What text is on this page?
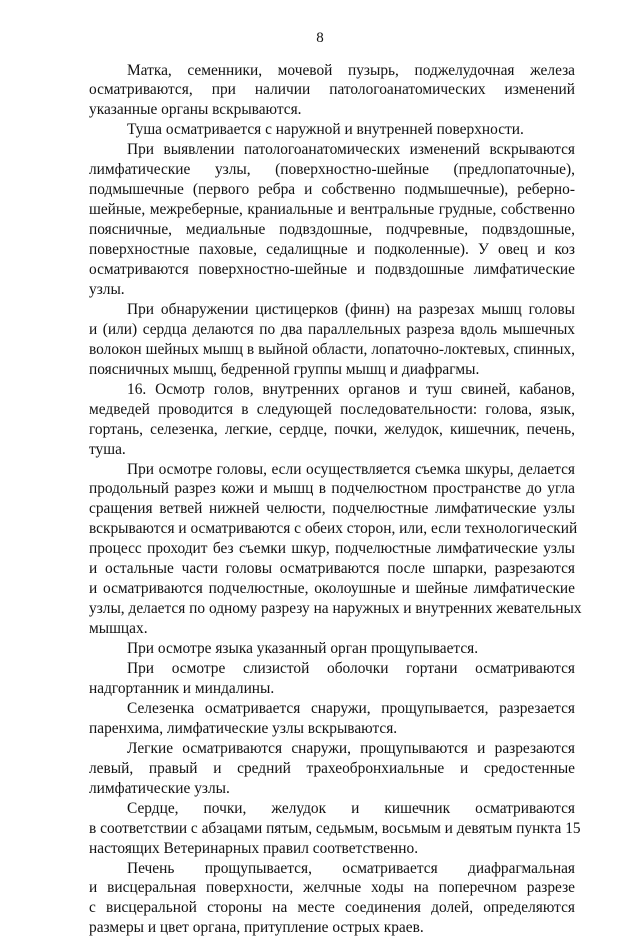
8
Матка, семенники, мочевой пузырь, поджелудочная железа
осматриваются, при наличии патологоанатомических изменений
указанные органы вскрываются.
Туша осматривается с наружной и внутренней поверхности.
При выявлении патологоанатомических изменений вскрываются
лимфатические узлы, (поверхностно-шейные (предлопаточные),
подмышечные (первого ребра и собственно подмышечные), реберно-
шейные, межреберные, краниальные и вентральные грудные, собственно
поясничные, медиальные подвздошные, подчревные, подвздошные,
поверхностные паховые, седалищные и подколенные). У овец и коз
осматриваются поверхностно-шейные и подвздошные лимфатические
узлы.
При обнаружении цистицерков (финн) на разрезах мышц головы
и (или) сердца делаются по два параллельных разреза вдоль мышечных
волокон шейных мышц в выйной области, лопаточно-локтевых, спинных,
поясничных мышц, бедренной группы мышц и диафрагмы.
16. Осмотр голов, внутренних органов и туш свиней, кабанов,
медведей проводится в следующей последовательности: голова, язык,
гортань, селезенка, легкие, сердце, почки, желудок, кишечник, печень,
туша.
При осмотре головы, если осуществляется съемка шкуры, делается
продольный разрез кожи и мышц в подчелюстном пространстве до угла
сращения ветвей нижней челюсти, подчелюстные лимфатические узлы
вскрываются и осматриваются с обеих сторон, или, если технологический
процесс проходит без съемки шкур, подчелюстные лимфатические узлы
и остальные части головы осматриваются после шпарки, разрезаются
и осматриваются подчелюстные, околоушные и шейные лимфатические
узлы, делается по одному разрезу на наружных и внутренних жевательных
мышцах.
При осмотре языка указанный орган прощупывается.
При осмотре слизистой оболочки гортани осматриваются
надгортанник и миндалины.
Селезенка осматривается снаружи, прощупывается, разрезается
паренхима, лимфатические узлы вскрываются.
Легкие осматриваются снаружи, прощупываются и разрезаются
левый, правый и средний трахеобронхиальные и средостенные
лимфатические узлы.
Сердце, почки, желудок и кишечник осматриваются
в соответствии с абзацами пятым, седьмым, восьмым и девятым пункта 15
настоящих Ветеринарных правил соответственно.
Печень прощупывается, осматривается диафрагмальная
и висцеральная поверхности, желчные ходы на поперечном разрезе
с висцеральной стороны на месте соединения долей, определяются
размеры и цвет органа, притупление острых краев.
